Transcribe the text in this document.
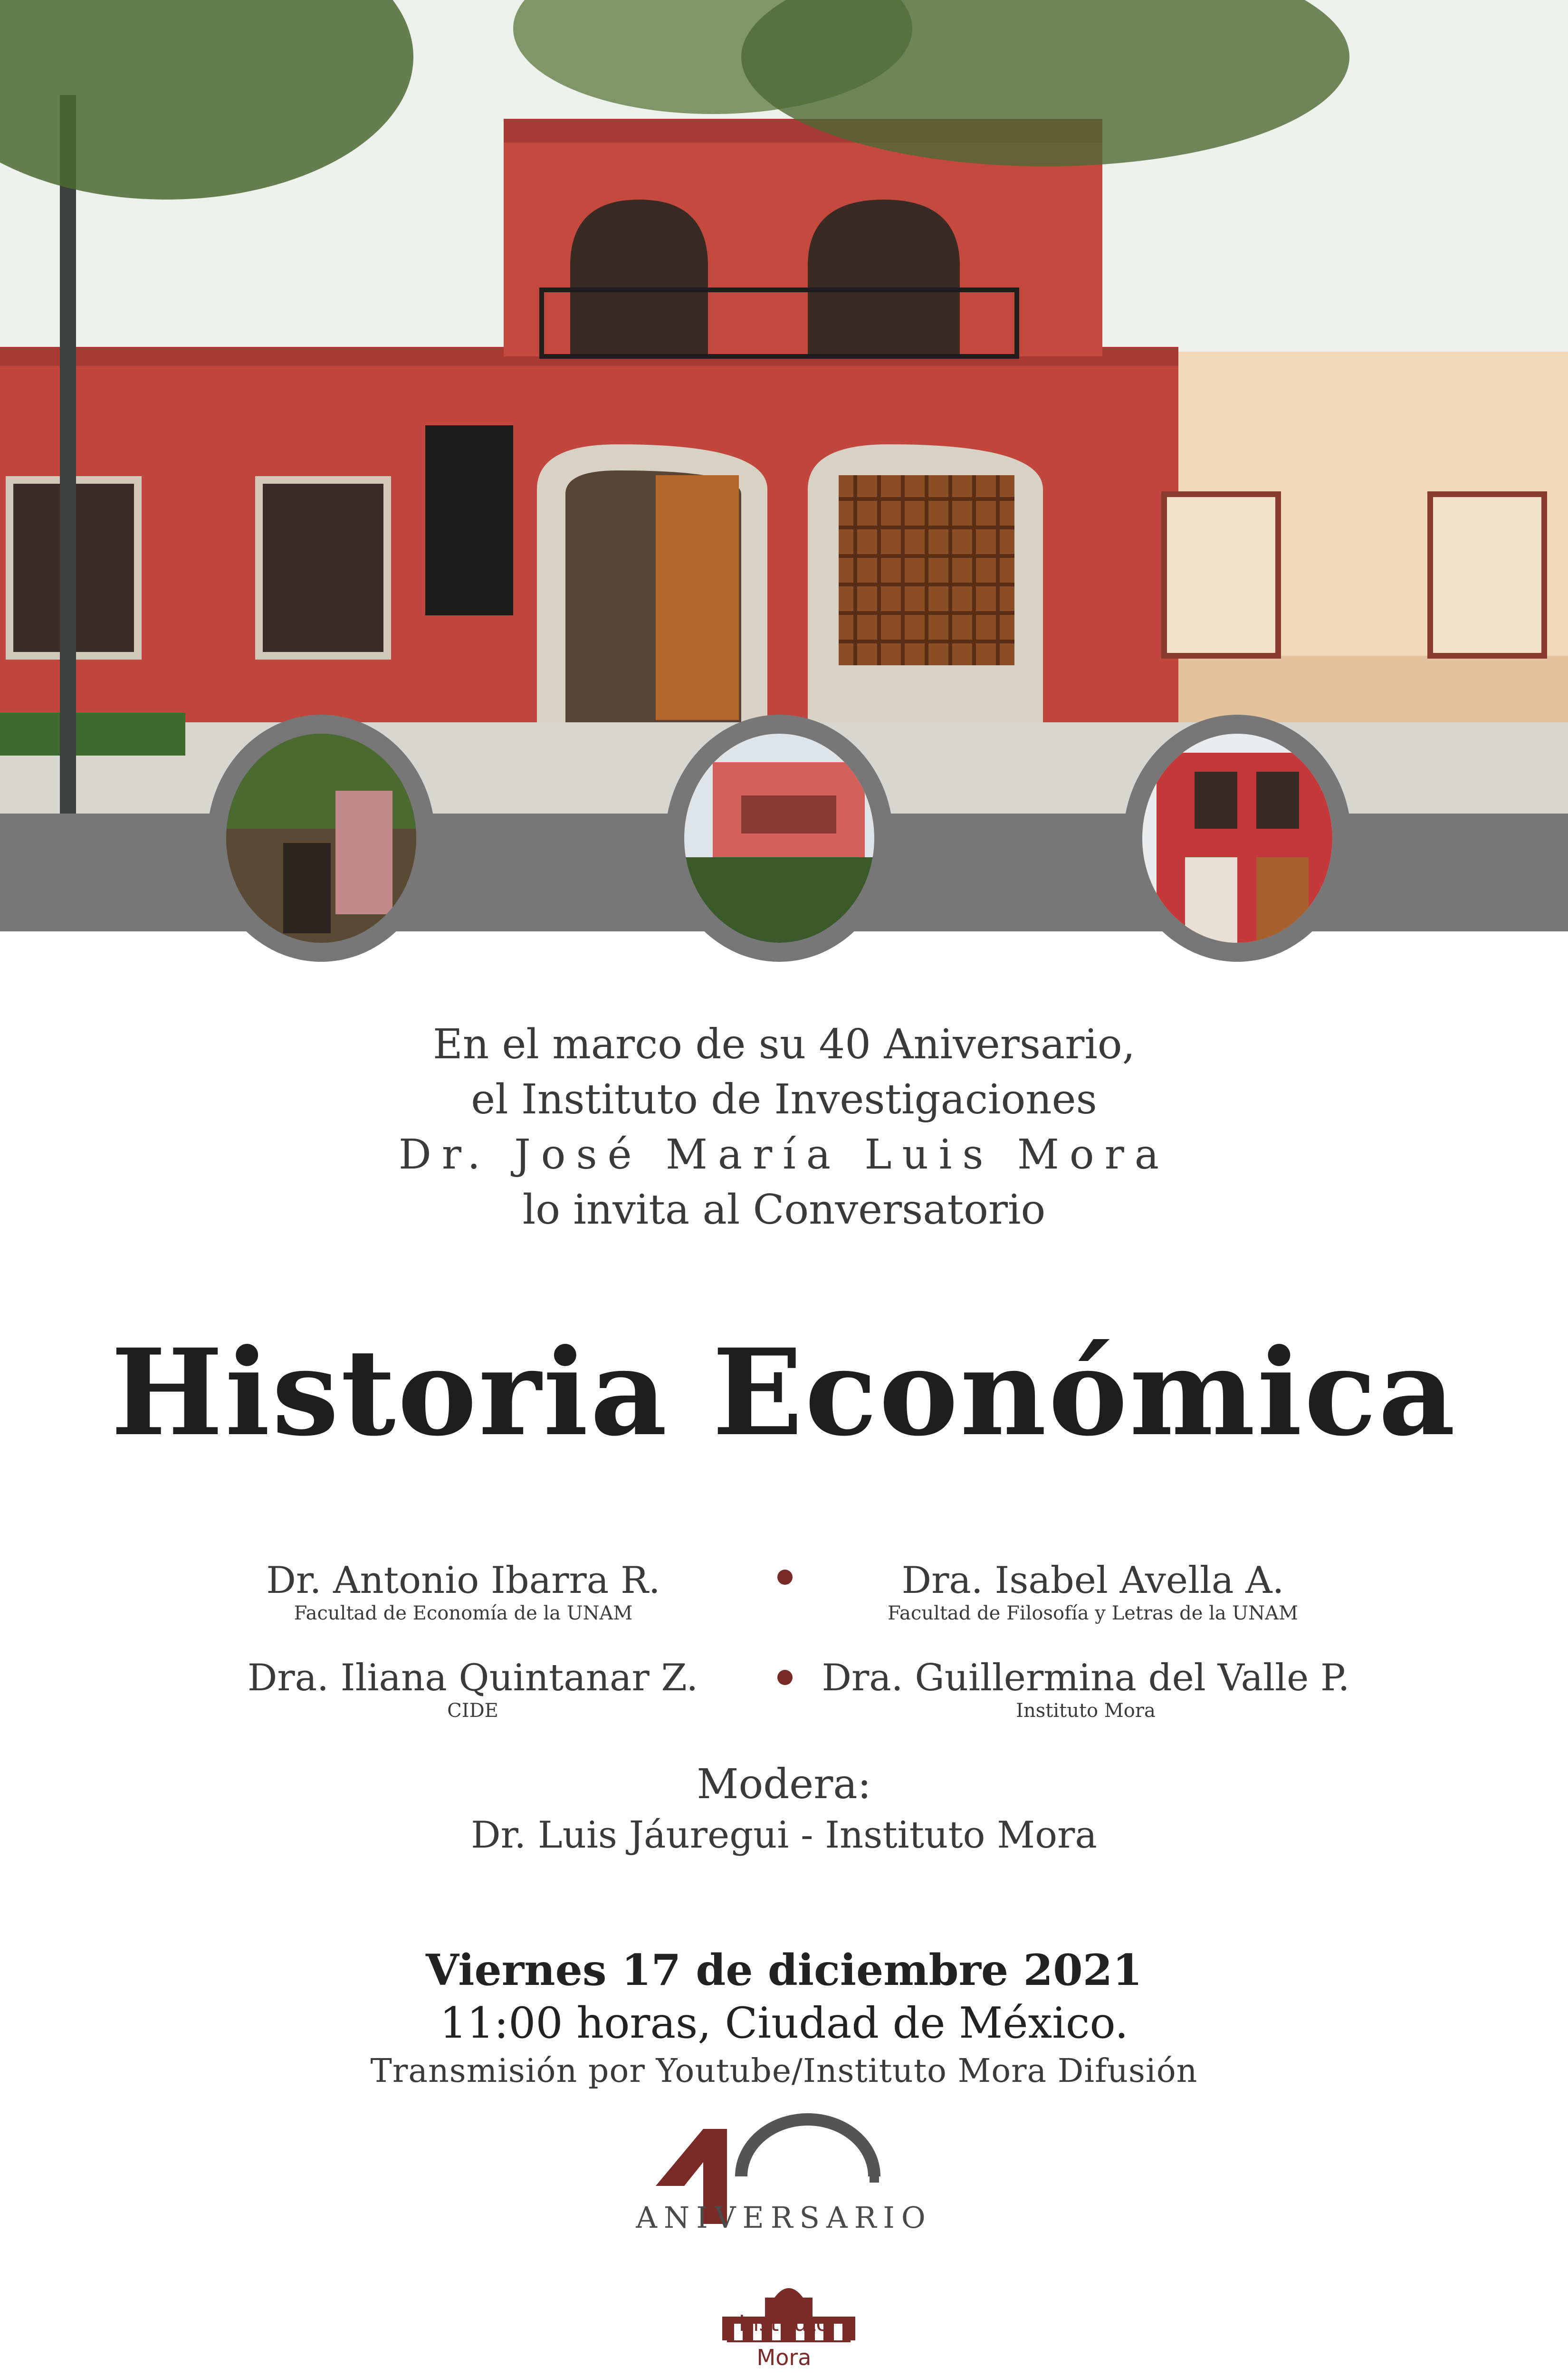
En el marco de su 40 Aniversario,
el Instituto de Investigaciones
Dr. José María Luis Mora
lo invita al Conversatorio
Historia Económica
Dr. Antonio Ibarra R.
Facultad de Economía de la UNAM
Dra. Isabel Avella A.
Facultad de Filosofía y Letras de la UNAM
Dra. Iliana Quintanar Z.
CIDE
Dra. Guillermina del Valle P.
Instituto Mora
Modera:
Dr. Luis Jáuregui - Instituto Mora
Viernes 17 de diciembre 2021
11:00 horas, Ciudad de México.
Transmisión por Youtube/Instituto Mora Difusión
ANIVERSARIO
Instituto
Mora
